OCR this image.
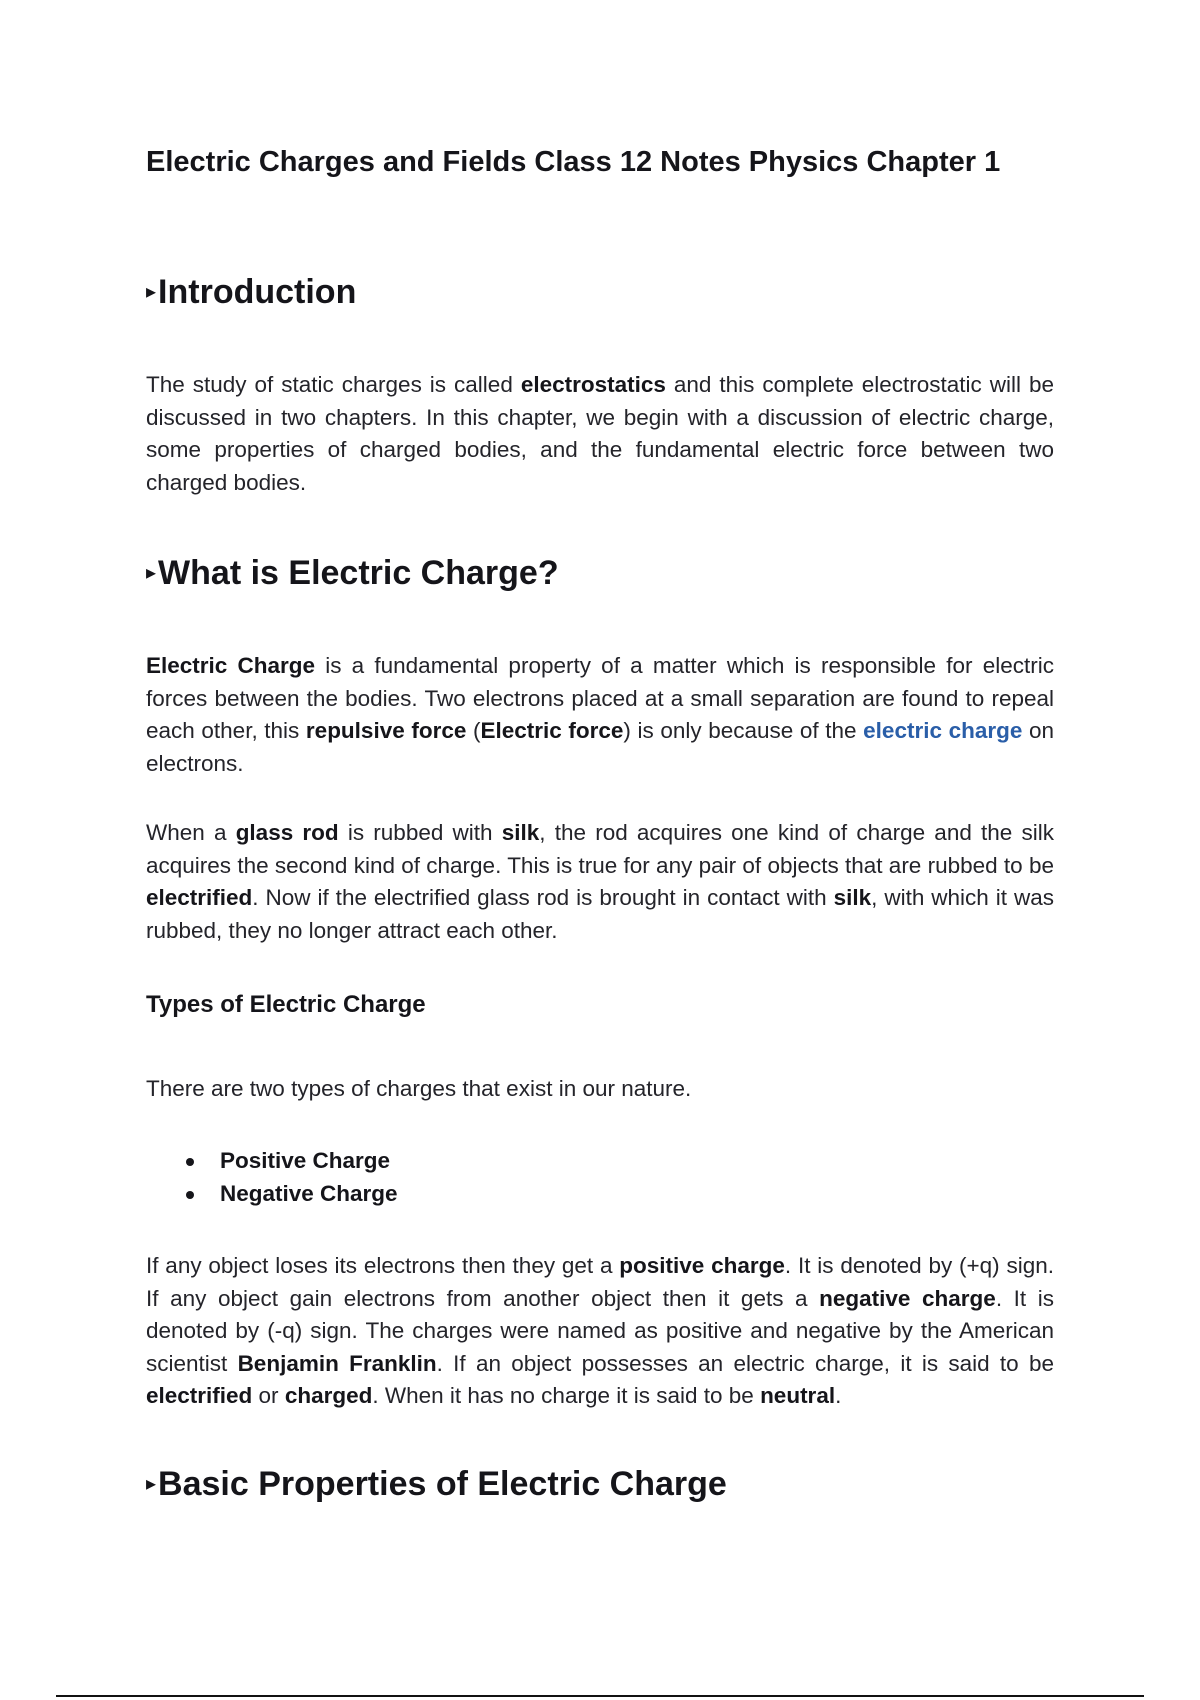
Electric Charges and Fields Class 12 Notes Physics Chapter 1
▸Introduction

The study of static charges is called electrostatics and this complete electrostatic will be discussed in two chapters. In this chapter, we begin with a discussion of electric charge, some properties of charged bodies, and the fundamental electric force between two charged bodies.

▸What is Electric Charge?

Electric Charge is a fundamental property of a matter which is responsible for electric forces between the bodies. Two electrons placed at a small separation are found to repeal each other, this repulsive force (Electric force) is only because of the electric charge on electrons.

When a glass rod is rubbed with silk, the rod acquires one kind of charge and the silk acquires the second kind of charge. This is true for any pair of objects that are rubbed to be electrified. Now if the electrified glass rod is brought in contact with silk, with which it was rubbed, they no longer attract each other.

Types of Electric Charge

There are two types of charges that exist in our nature.

Positive Charge
Negative Charge

If any object loses its electrons then they get a positive charge. It is denoted by (+q) sign. If any object gain electrons from another object then it gets a negative charge. It is denoted by (-q) sign. The charges were named as positive and negative by the American scientist Benjamin Franklin. If an object possesses an electric charge, it is said to be electrified or charged. When it has no charge it is said to be neutral.

▸Basic Properties of Electric Charge
